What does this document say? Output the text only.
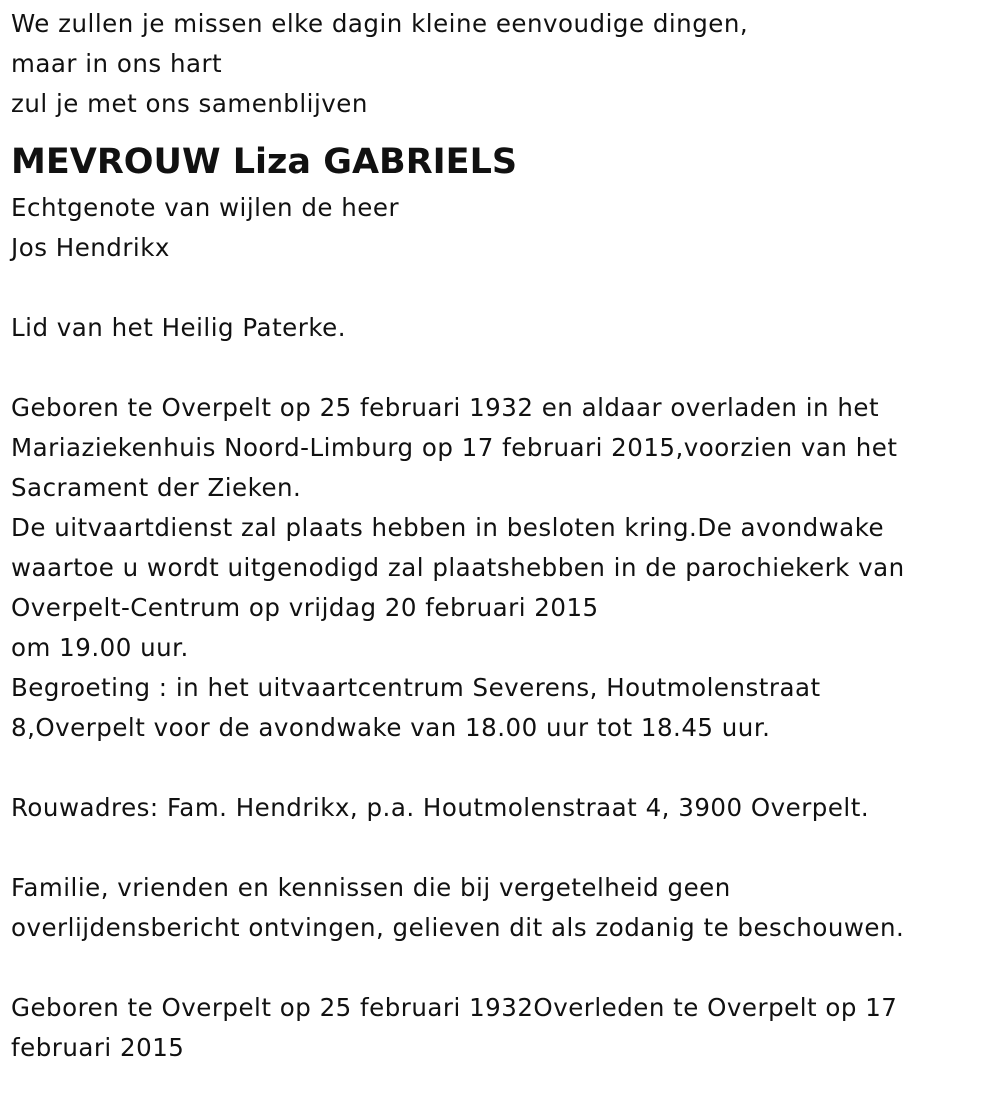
We zullen je missen elke dagin kleine eenvoudige dingen,
maar in ons hart
zul je met ons samenblijven
MEVROUW Liza GABRIELS
Echtgenote van wijlen de heer
Jos Hendrikx
Lid van het Heilig Paterke.
Geboren te Overpelt op 25 februari 1932 en aldaar overladen in het
Mariaziekenhuis Noord-Limburg op 17 februari 2015,voorzien van het
Sacrament der Zieken.
De uitvaartdienst zal plaats hebben in besloten kring.De avondwake
waartoe u wordt uitgenodigd zal plaatshebben in de parochiekerk van
Overpelt-Centrum op vrijdag 20 februari 2015
om 19.00 uur.
Begroeting : in het uitvaartcentrum Severens, Houtmolenstraat
8,Overpelt voor de avondwake van 18.00 uur tot 18.45 uur.
Rouwadres: Fam. Hendrikx, p.a. Houtmolenstraat 4, 3900 Overpelt.
Familie, vrienden en kennissen die bij vergetelheid geen
overlijdensbericht ontvingen, gelieven dit als zodanig te beschouwen.
Geboren te Overpelt op 25 februari 1932Overleden te Overpelt op 17
februari 2015
